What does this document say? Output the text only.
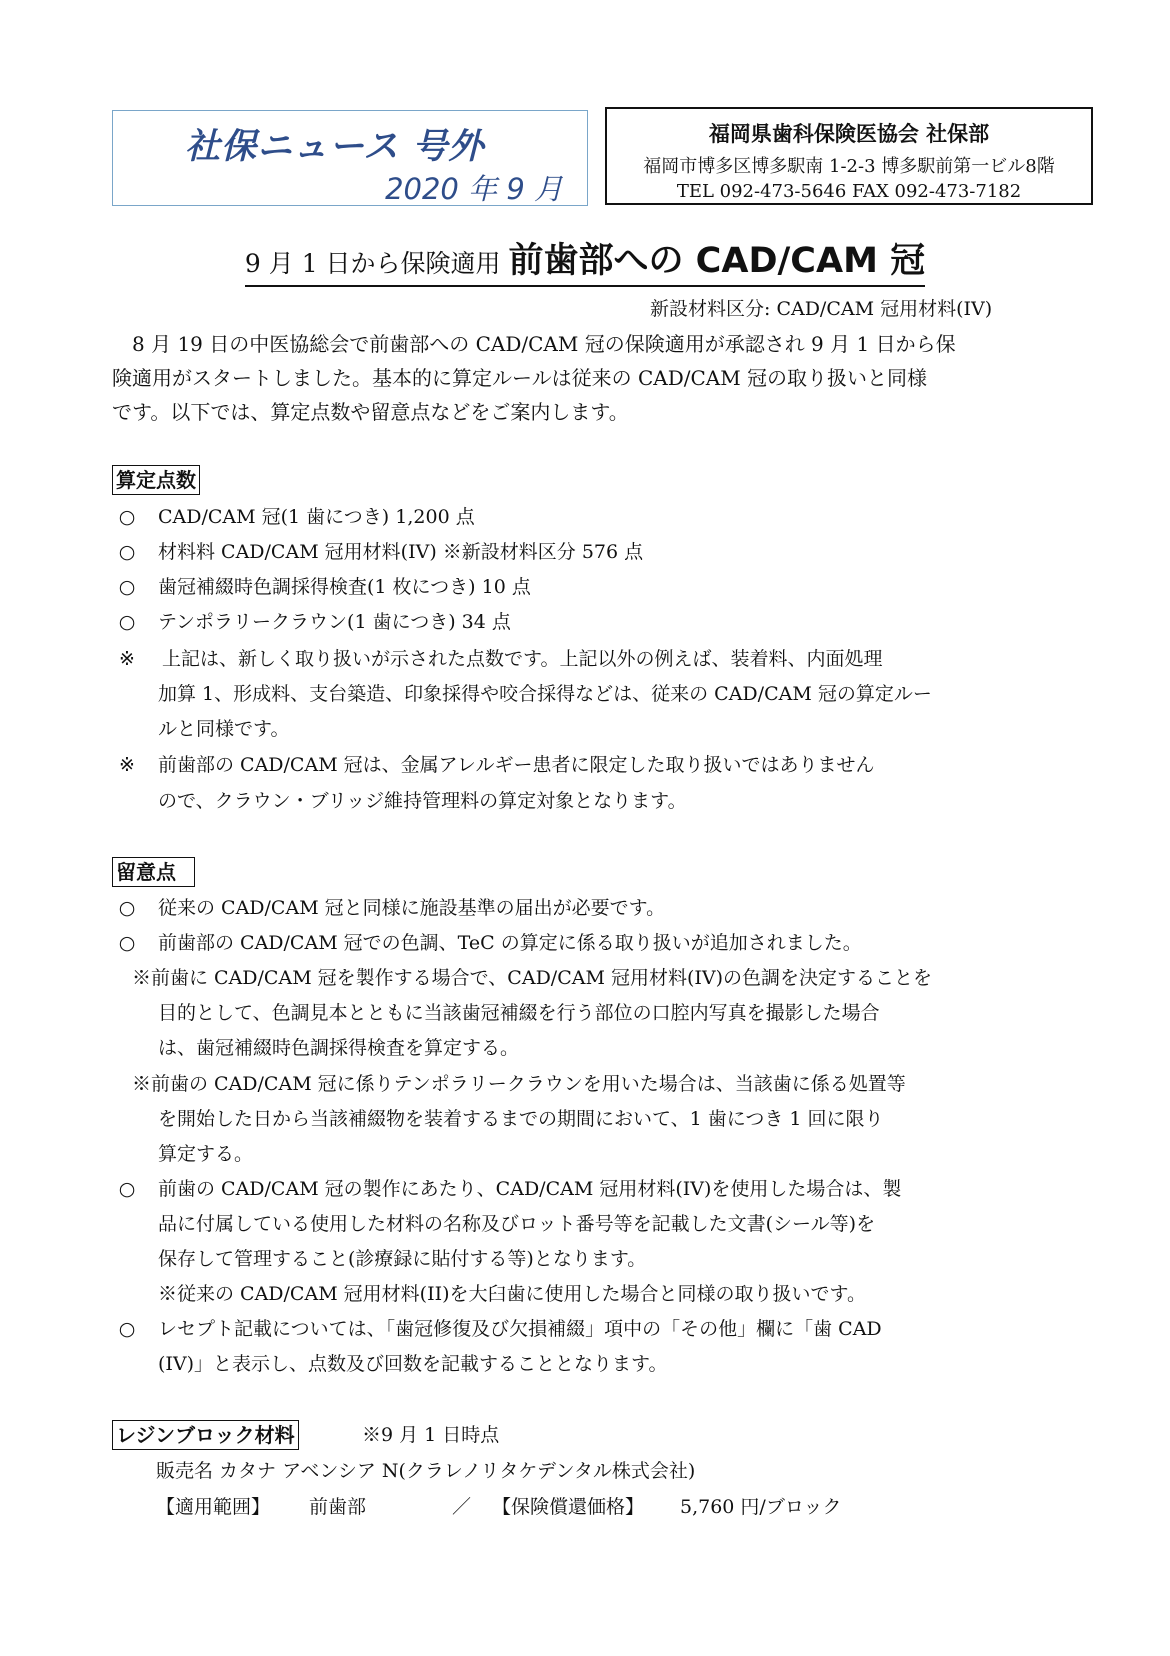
社保ニュース 号外
2020 年 9 月
福岡県歯科保険医協会 社保部
福岡市博多区博多駅南 1-2-3 博多駅前第一ビル8階
TEL 092-473-5646 FAX 092-473-7182
9 月 1 日から保険適用 前歯部への CAD/CAM 冠
新設材料区分: CAD/CAM 冠用材料(IV)
　8 月 19 日の中医協総会で前歯部への CAD/CAM 冠の保険適用が承認され 9 月 1 日から保
険適用がスタートしました。基本的に算定ルールは従来の CAD/CAM 冠の取り扱いと同様
です。以下では、算定点数や留意点などをご案内します。
算定点数
○	CAD/CAM 冠(1 歯につき) 1,200 点
○	材料料 CAD/CAM 冠用材料(IV) ※新設材料区分 576 点
○	歯冠補綴時色調採得検査(1 枚につき) 10 点
○	テンポラリークラウン(1 歯につき) 34 点
※	上記は、新しく取り扱いが示された点数です。上記以外の例えば、装着料、内面処理
加算 1、形成料、支台築造、印象採得や咬合採得などは、従来の CAD/CAM 冠の算定ルー
ルと同様です。
※	前歯部の CAD/CAM 冠は、金属アレルギー患者に限定した取り扱いではありません
ので、クラウン・ブリッジ維持管理料の算定対象となります。
留意点
○	従来の CAD/CAM 冠と同様に施設基準の届出が必要です。
○	前歯部の CAD/CAM 冠での色調、TeC の算定に係る取り扱いが追加されました。
※前歯に CAD/CAM 冠を製作する場合で、CAD/CAM 冠用材料(IV)の色調を決定することを
目的として、色調見本とともに当該歯冠補綴を行う部位の口腔内写真を撮影した場合
は、歯冠補綴時色調採得検査を算定する。
※前歯の CAD/CAM 冠に係りテンポラリークラウンを用いた場合は、当該歯に係る処置等
を開始した日から当該補綴物を装着するまでの期間において、1 歯につき 1 回に限り
算定する。
○	前歯の CAD/CAM 冠の製作にあたり、CAD/CAM 冠用材料(IV)を使用した場合は、製
品に付属している使用した材料の名称及びロット番号等を記載した文書(シール等)を
保存して管理すること(診療録に貼付する等)となります。
※従来の CAD/CAM 冠用材料(II)を大臼歯に使用した場合と同様の取り扱いです。
○	レセプト記載については、「歯冠修復及び欠損補綴」項中の「その他」欄に「歯 CAD
(IV)」と表示し、点数及び回数を記載することとなります。
レジンブロック材料	※9 月 1 日時点
販売名 カタナ アベンシア N(クラレノリタケデンタル株式会社)
【適用範囲】 前歯部	／ 【保険償還価格】 5,760 円/ブロック
